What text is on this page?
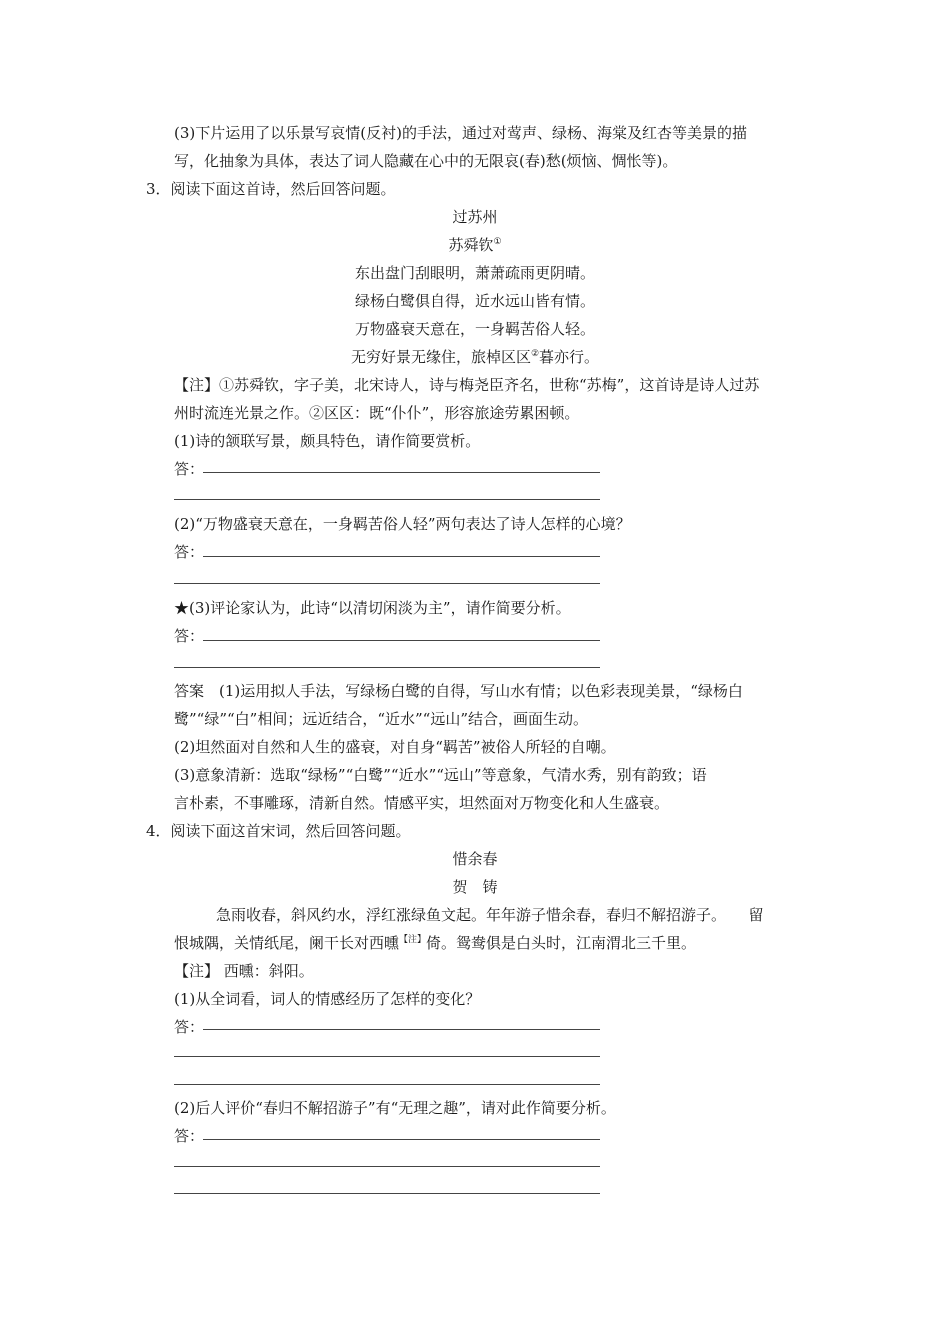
(3)下片运用了以乐景写哀情(反衬)的手法，通过对莺声、绿杨、海棠及红杏等美景的描
写，化抽象为具体，表达了词人隐藏在心中的无限哀(春)愁(烦恼、惆怅等)。
3．阅读下面这首诗，然后回答问题。
过苏州
苏舜钦①
东出盘门刮眼明，萧萧疏雨更阴晴。
绿杨白鹭俱自得，近水远山皆有情。
万物盛衰天意在，一身羁苦俗人轻。
无穷好景无缘住，旅棹区区②暮亦行。
【注】①苏舜钦，字子美，北宋诗人，诗与梅尧臣齐名，世称“苏梅”，这首诗是诗人过苏
州时流连光景之作。②区区：既“仆仆”，形容旅途劳累困顿。
(1)诗的颔联写景，颇具特色，请作简要赏析。
答：
(2)“万物盛衰天意在，一身羁苦俗人轻”两句表达了诗人怎样的心境？
答：
★(3)评论家认为，此诗“以清切闲淡为主”，请作简要分析。
答：
答案　(1)运用拟人手法，写绿杨白鹭的自得，写山水有情；以色彩表现美景，“绿杨白
鹭”“绿”“白”相间；远近结合，“近水”“远山”结合，画面生动。
(2)坦然面对自然和人生的盛衰，对自身“羁苦”被俗人所轻的自嘲。
(3)意象清新：选取“绿杨”“白鹭”“近水”“远山”等意象，气清水秀，别有韵致；语
言朴素，不事雕琢，清新自然。情感平实，坦然面对万物变化和人生盛衰。
4．阅读下面这首宋词，然后回答问题。
惜余春
贺　铸
急雨收春，斜风约水，浮红涨绿鱼文起。年年游子惜余春，春归不解招游子。　　留
恨城隅，关情纸尾，阑干长对西曛$^{【注】}$倚。鸳鸯俱是白头时，江南渭北三千里。
【注】 西曛：斜阳。
(1)从全词看，词人的情感经历了怎样的变化？
答：
(2)后人评价“春归不解招游子”有“无理之趣”，请对此作简要分析。
答：
